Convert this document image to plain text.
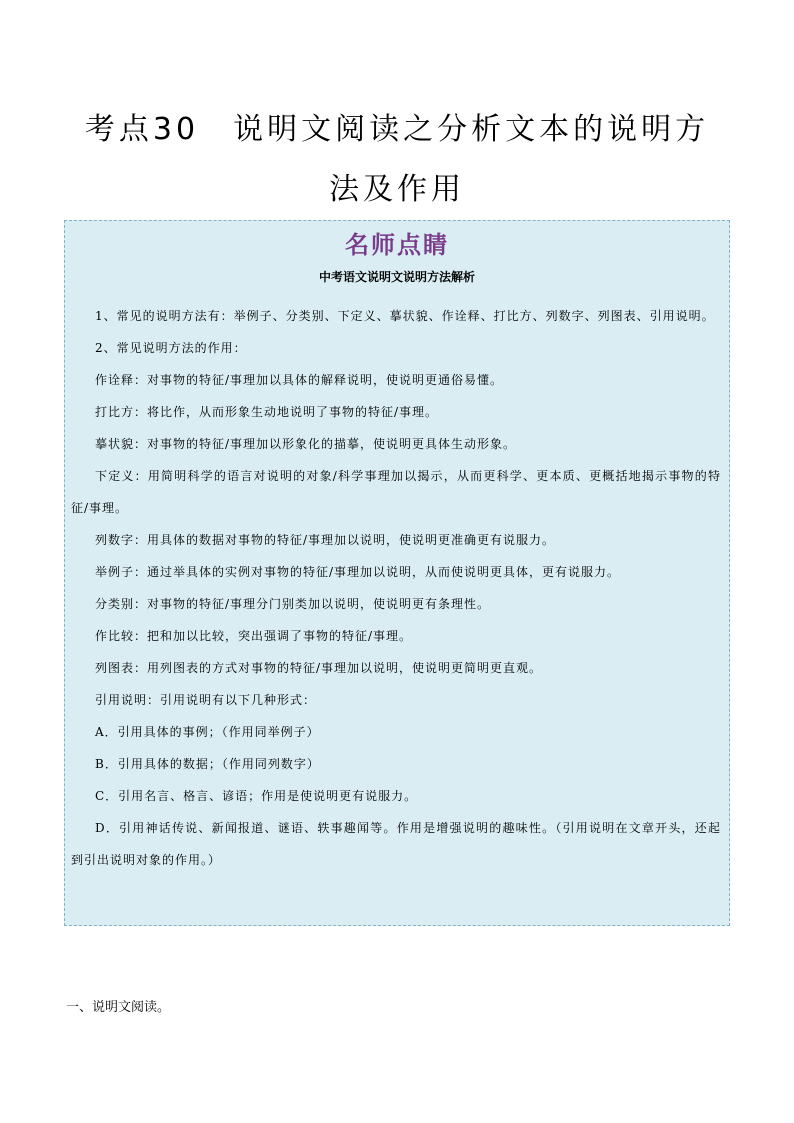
考点30　说明文阅读之分析文本的说明方法及作用
名师点睛
中考语文说明文说明方法解析

1、常见的说明方法有：举例子、分类别、下定义、摹状貌、作诠释、打比方、列数字、列图表、引用说明。

2、常见说明方法的作用：

作诠释：对事物的特征/事理加以具体的解释说明，使说明更通俗易懂。

打比方：将比作，从而形象生动地说明了事物的特征/事理。

摹状貌：对事物的特征/事理加以形象化的描摹，使说明更具体生动形象。

下定义：用简明科学的语言对说明的对象/科学事理加以揭示，从而更科学、更本质、更概括地揭示事物的特征/事理。

列数字：用具体的数据对事物的特征/事理加以说明，使说明更准确更有说服力。

举例子：通过举具体的实例对事物的特征/事理加以说明，从而使说明更具体，更有说服力。

分类别：对事物的特征/事理分门别类加以说明，使说明更有条理性。

作比较：把和加以比较，突出强调了事物的特征/事理。

列图表：用列图表的方式对事物的特征/事理加以说明，使说明更简明更直观。

引用说明：引用说明有以下几种形式：

A．引用具体的事例；（作用同举例子）

B．引用具体的数据；（作用同列数字）

C．引用名言、格言、谚语；作用是使说明更有说服力。

D．引用神话传说、新闻报道、谜语、轶事趣闻等。作用是增强说明的趣味性。（引用说明在文章开头，还起到引出说明对象的作用。）

一、说明文阅读。
